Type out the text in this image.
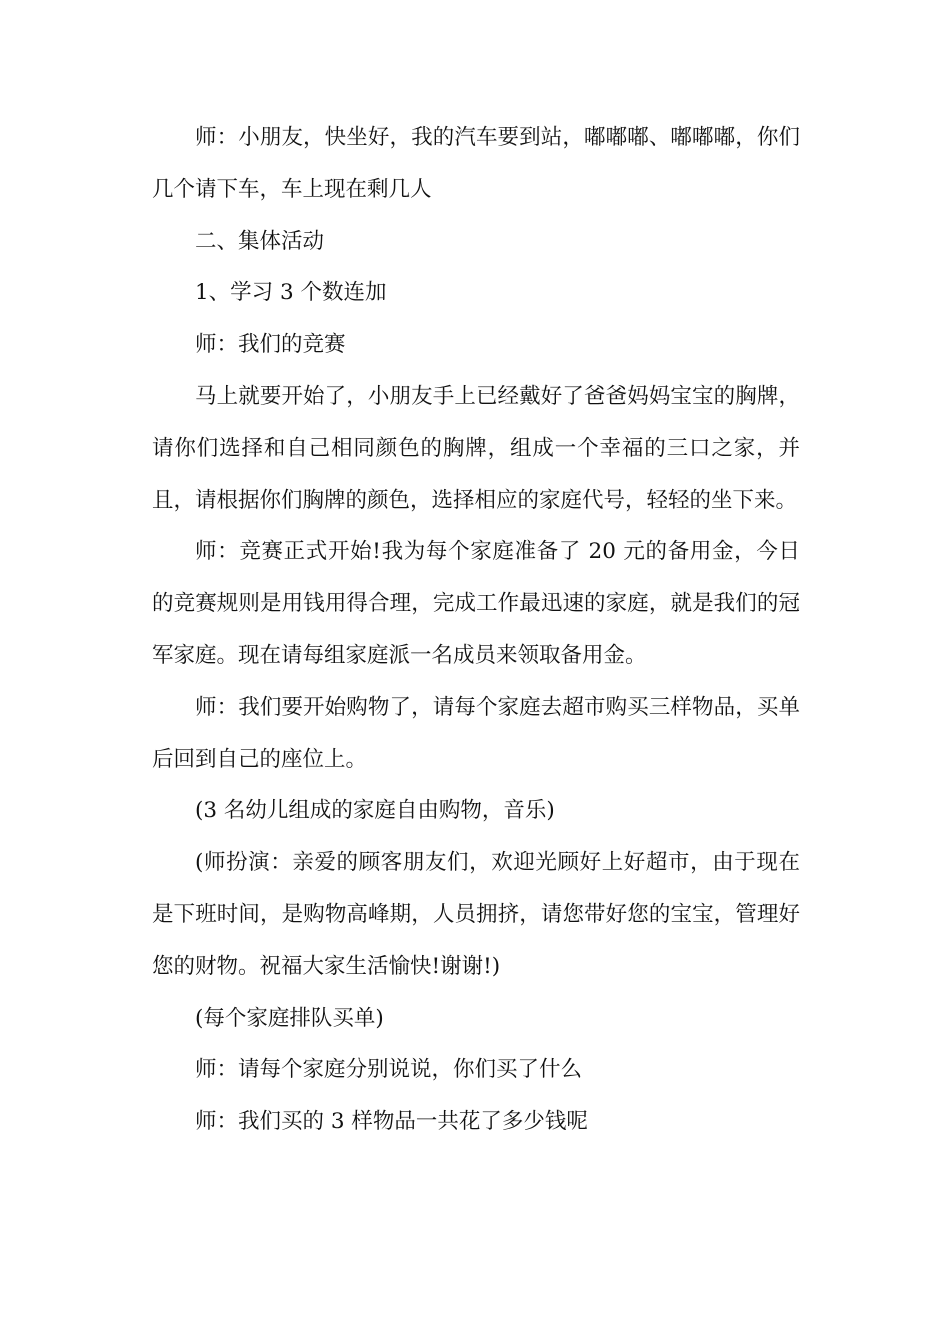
师：小朋友，快坐好，我的汽车要到站，嘟嘟嘟、嘟嘟嘟，你们几个请下车，车上现在剩几人

二、集体活动

1、学习 3 个数连加

师：我们的竞赛

马上就要开始了，小朋友手上已经戴好了爸爸妈妈宝宝的胸牌，请你们选择和自己相同颜色的胸牌，组成一个幸福的三口之家，并且，请根据你们胸牌的颜色，选择相应的家庭代号，轻轻的坐下来。

师：竞赛正式开始!我为每个家庭准备了 20 元的备用金，今日的竞赛规则是用钱用得合理，完成工作最迅速的家庭，就是我们的冠军家庭。现在请每组家庭派一名成员来领取备用金。

师：我们要开始购物了，请每个家庭去超市购买三样物品，买单后回到自己的座位上。

(3 名幼儿组成的家庭自由购物，音乐)

(师扮演：亲爱的顾客朋友们，欢迎光顾好上好超市，由于现在是下班时间，是购物高峰期，人员拥挤，请您带好您的宝宝，管理好您的财物。祝福大家生活愉快!谢谢!)

(每个家庭排队买单)

师：请每个家庭分别说说，你们买了什么

师：我们买的 3 样物品一共花了多少钱呢
